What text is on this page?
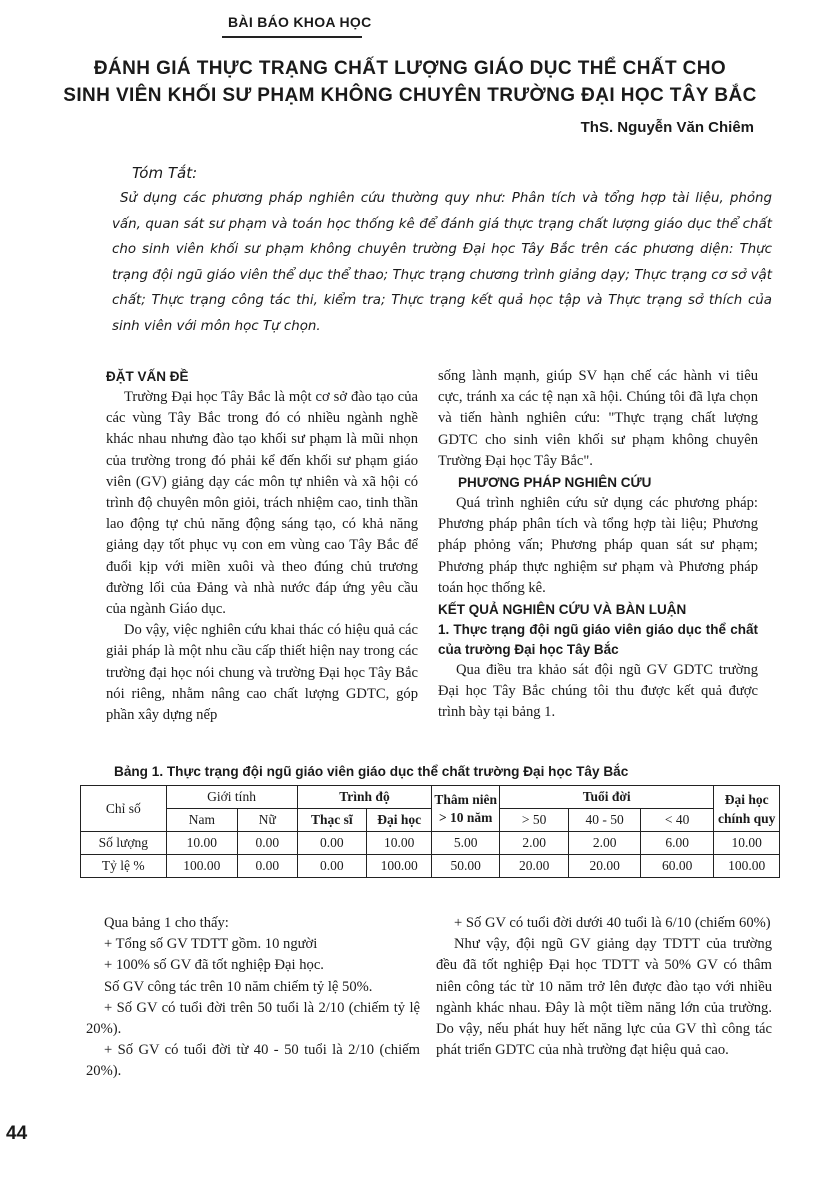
BÀI BÁO KHOA HỌC
ĐÁNH GIÁ THỰC TRẠNG CHẤT LƯỢNG GIÁO DỤC THỂ CHẤT CHO
SINH VIÊN KHỐI SƯ PHẠM KHÔNG CHUYÊN TRƯỜNG ĐẠI HỌC TÂY BẮC
ThS. Nguyễn Văn Chiêm
Tóm Tắt:
Sử dụng các phương pháp nghiên cứu thường quy như: Phân tích và tổng hợp tài liệu, phỏng vấn, quan sát sư phạm và toán học thống kê để đánh giá thực trạng chất lượng giáo dục thể chất cho sinh viên khối sư phạm không chuyên trường Đại học Tây Bắc trên các phương diện: Thực trạng đội ngũ giáo viên thể dục thể thao; Thực trạng chương trình giảng dạy; Thực trạng cơ sở vật chất; Thực trạng công tác thi, kiểm tra; Thực trạng kết quả học tập và Thực trạng sở thích của sinh viên với môn học Tự chọn.
ĐẶT VẤN ĐỀ

Trường Đại học Tây Bắc là một cơ sở đào tạo của các vùng Tây Bắc trong đó có nhiều ngành nghề khác nhau nhưng đào tạo khối sư phạm là mũi nhọn của trường trong đó phải kể đến khối sư phạm giáo viên (GV) giảng dạy các môn tự nhiên và xã hội có trình độ chuyên môn giỏi, trách nhiệm cao, tinh thần lao động tự chủ năng động sáng tạo, có khả năng giảng dạy tốt phục vụ con em vùng cao Tây Bắc để đuổi kịp với miền xuôi và theo đúng chủ trương đường lối của Đảng và nhà nước đáp ứng yêu cầu của ngành Giáo dục.

Do vậy, việc nghiên cứu khai thác có hiệu quả các giải pháp là một nhu cầu cấp thiết hiện nay trong các trường đại học nói chung và trường Đại học Tây Bắc nói riêng, nhằm nâng cao chất lượng GDTC, góp phần xây dựng nếp

sống lành mạnh, giúp SV hạn chế các hành vi tiêu cực, tránh xa các tệ nạn xã hội. Chúng tôi đã lựa chọn và tiến hành nghiên cứu: "Thực trạng chất lượng GDTC cho sinh viên khối sư phạm không chuyên Trường Đại học Tây Bắc".

PHƯƠNG PHÁP NGHIÊN CỨU

Quá trình nghiên cứu sử dụng các phương pháp: Phương pháp phân tích và tổng hợp tài liệu; Phương pháp phỏng vấn; Phương pháp quan sát sư phạm; Phương pháp thực nghiệm sư phạm và Phương pháp toán học thống kê.

KẾT QUẢ NGHIÊN CỨU VÀ BÀN LUẬN
1. Thực trạng đội ngũ giáo viên giáo dục thể chất của trường Đại học Tây Bắc

Qua điều tra khảo sát đội ngũ GV GDTC trường Đại học Tây Bắc chúng tôi thu được kết quả được trình bày tại bảng 1.

Bảng 1. Thực trạng đội ngũ giáo viên giáo dục thể chất trường Đại học Tây Bắc
Chỉ số	Giới tính		Trình độ		Thâm niên > 10 năm	Tuổi đời			Đại học chính quy
	Nam	Nữ	Thạc sĩ	Đại học		> 50	40 - 50	< 40	
Số lượng	10.00	0.00	0.00	10.00	5.00	2.00	2.00	6.00	10.00
Tỷ lệ %	100.00	0.00	0.00	100.00	50.00	20.00	20.00	60.00	100.00

Qua bảng 1 cho thấy:

+ Tổng số GV TDTT gồm. 10 người

+ 100% số GV đã tốt nghiệp Đại học.

Số GV công tác trên 10 năm chiếm tỷ lệ 50%.

+ Số GV có tuổi đời trên 50 tuổi là 2/10 (chiếm tỷ lệ 20%).

+ Số GV có tuổi đời từ 40 - 50 tuổi là 2/10 (chiếm 20%).

+ Số GV có tuổi đời dưới 40 tuổi là 6/10 (chiếm 60%)

Như vậy, đội ngũ GV giảng dạy TDTT của trường đều đã tốt nghiệp Đại học TDTT và 50% GV có thâm niên công tác từ 10 năm trở lên được đào tạo với nhiều ngành khác nhau. Đây là một tiềm năng lớn của trường. Do vậy, nếu phát huy hết năng lực của GV thì công tác phát triển GDTC của nhà trường đạt hiệu quả cao.

44
